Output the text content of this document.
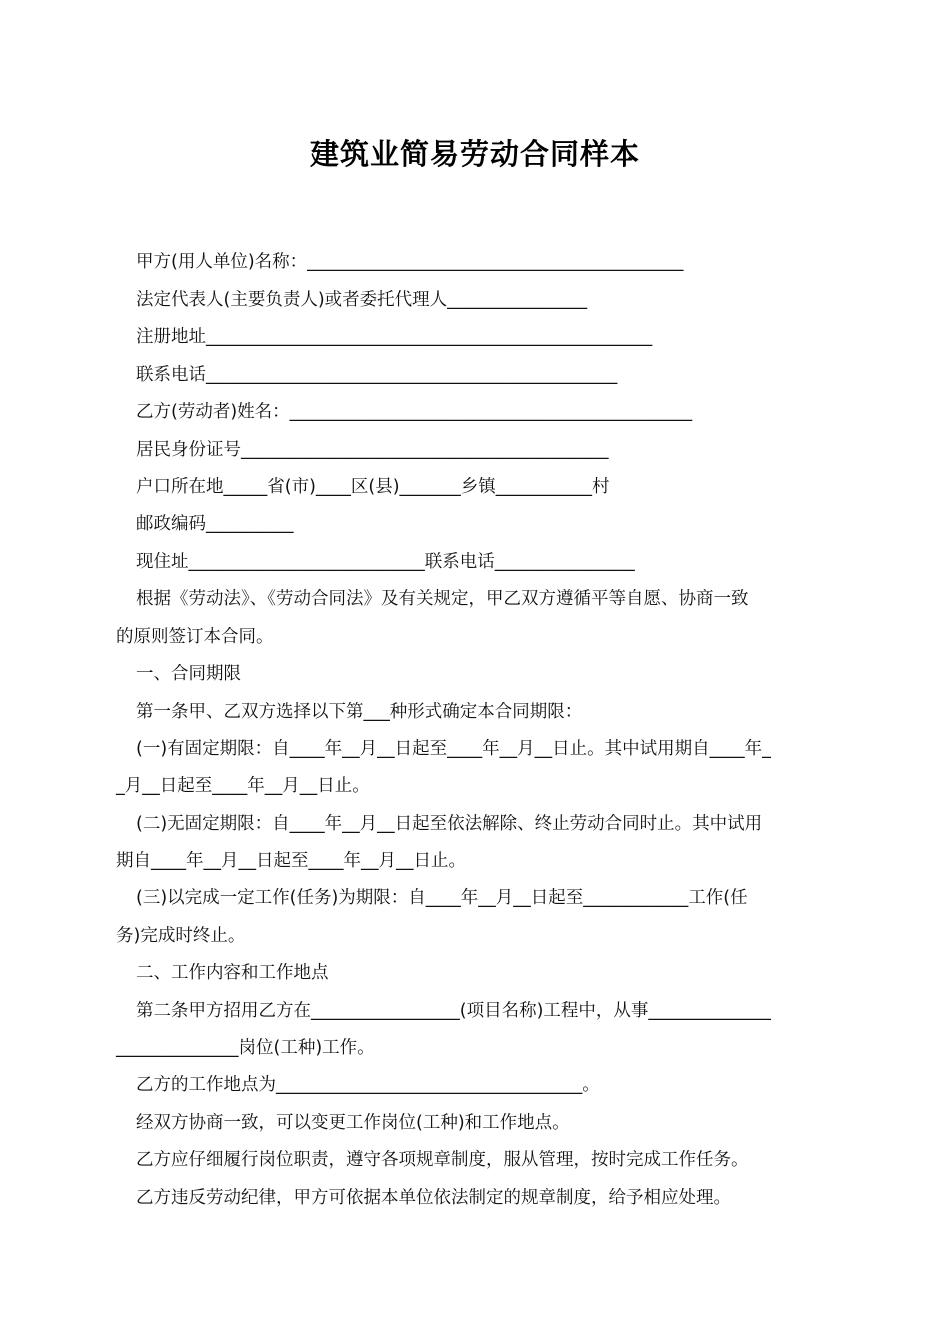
建筑业简易劳动合同样本
甲方(用人单位)名称：___________________________________________
法定代表人(主要负责人)或者委托代理人________________
注册地址___________________________________________________
联系电话_______________________________________________
乙方(劳动者)姓名：______________________________________________
居民身份证号__________________________________________
户口所在地_____省(市)____区(县)_______乡镇___________村
邮政编码__________
现住址___________________________联系电话________________
根据《劳动法》、《劳动合同法》及有关规定，甲乙双方遵循平等自愿、协商一致
的原则签订本合同。
一、合同期限
第一条甲、乙双方选择以下第___种形式确定本合同期限：
(一)有固定期限：自____年__月__日起至____年__月__日止。其中试用期自____年_
_月__日起至____年__月__日止。
(二)无固定期限：自____年__月__日起至依法解除、终止劳动合同时止。其中试用
期自____年__月__日起至____年__月__日止。
(三)以完成一定工作(任务)为期限：自____年__月__日起至____________工作(任
务)完成时终止。
二、工作内容和工作地点
第二条甲方招用乙方在_________________(项目名称)工程中，从事______________
______________岗位(工种)工作。
乙方的工作地点为___________________________________。
经双方协商一致，可以变更工作岗位(工种)和工作地点。
乙方应仔细履行岗位职责，遵守各项规章制度，服从管理，按时完成工作任务。
乙方违反劳动纪律，甲方可依据本单位依法制定的规章制度，给予相应处理。
